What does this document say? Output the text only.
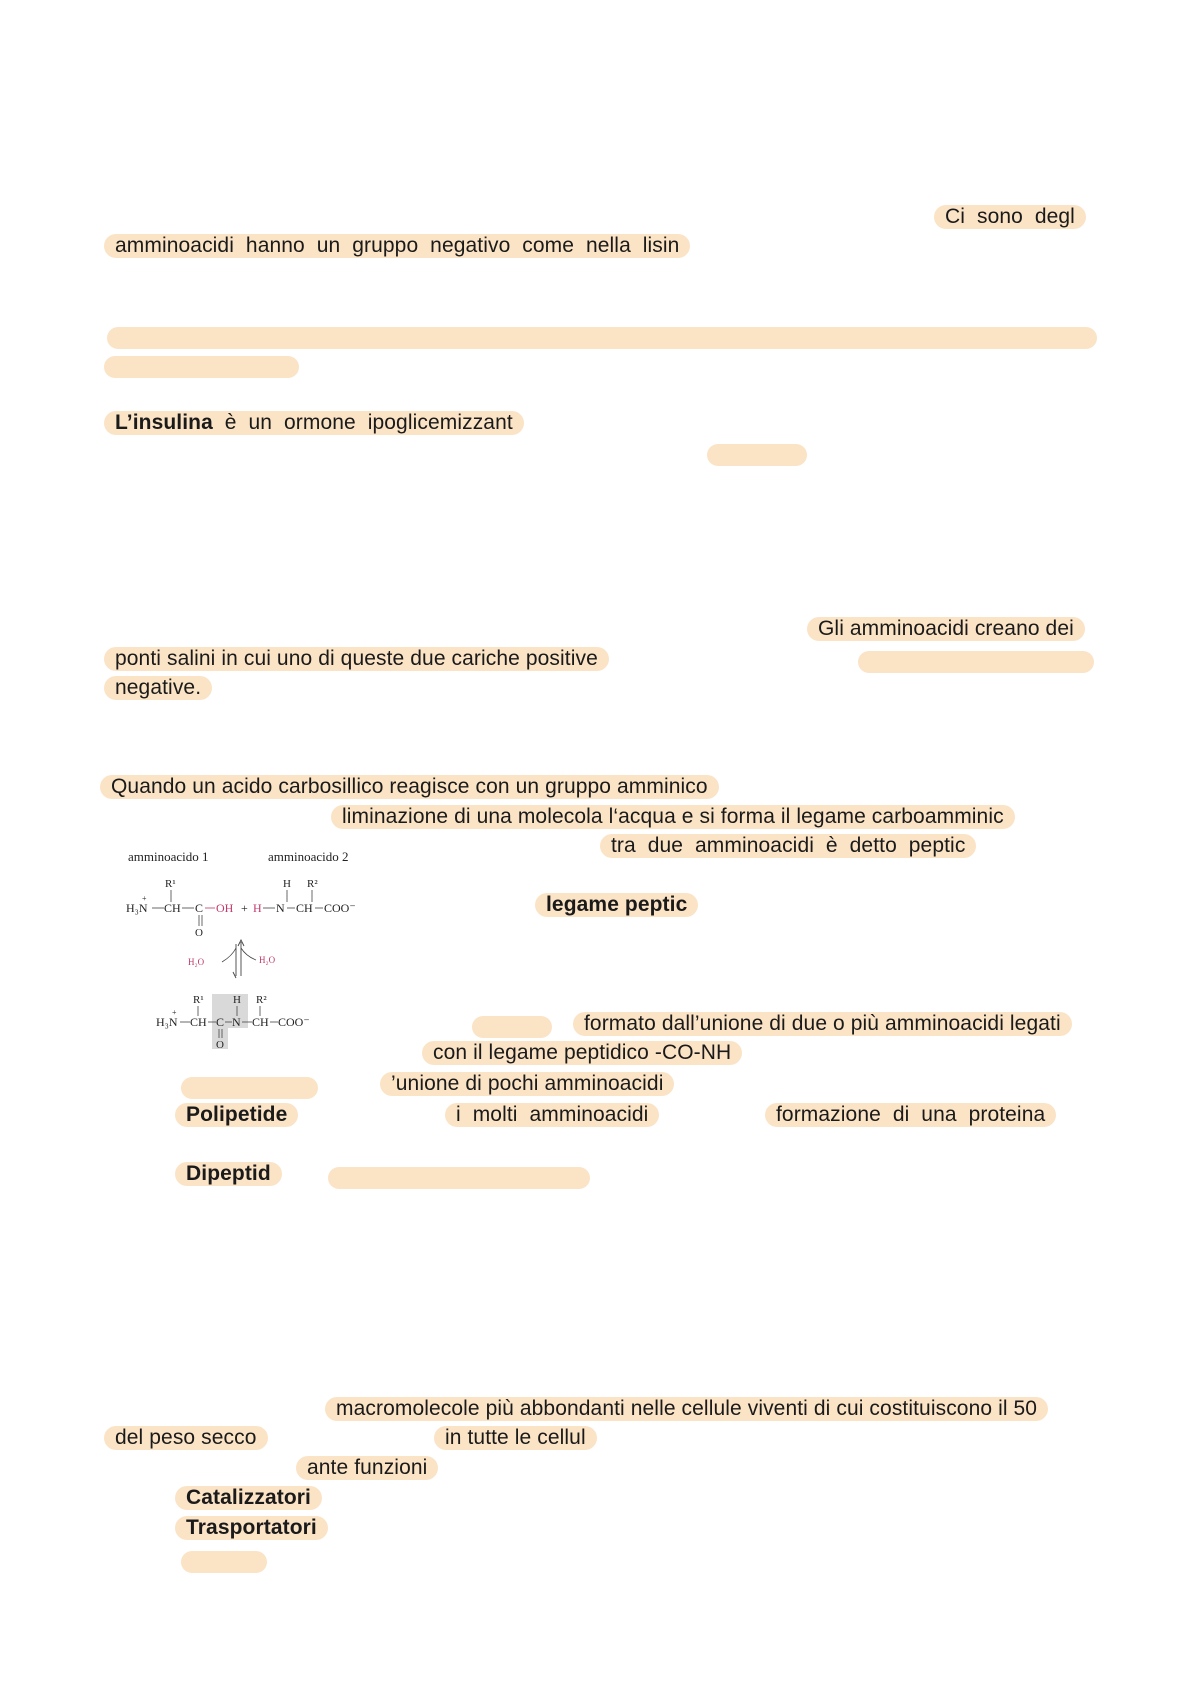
Ci sono degl
amminoacidi hanno un gruppo negativo come nella lisin
L’insulina è un ormone ipoglicemizzant
Gli amminoacidi creano dei
ponti salini in cui uno di queste due cariche positive
negative.
Quando un acido carbosillico reagisce con un gruppo amminico
liminazione di una molecola l‘acqua e si forma il legame carboamminic
tra due amminoacidi è detto peptic
legame peptic
amminoacido 1	amminoacido 2
R¹	H R²
H₃N
+
CH C
O
OH + H N CH COO⁻
H₂O	H₂O
R¹	H R²
H₃N
+
CH C
O
N CH COO⁻	formato dall’unione di due o più amminoacidi legati
con il legame peptidico -CO-NH
’unione di pochi amminoacidi
Polipetide	i molti amminoacidi	formazione di una proteina
Dipeptid
macromolecole più abbondanti nelle cellule viventi di cui costituiscono il 50
del peso secco	in tutte le cellul
ante funzioni
Catalizzatori
Trasportatori
